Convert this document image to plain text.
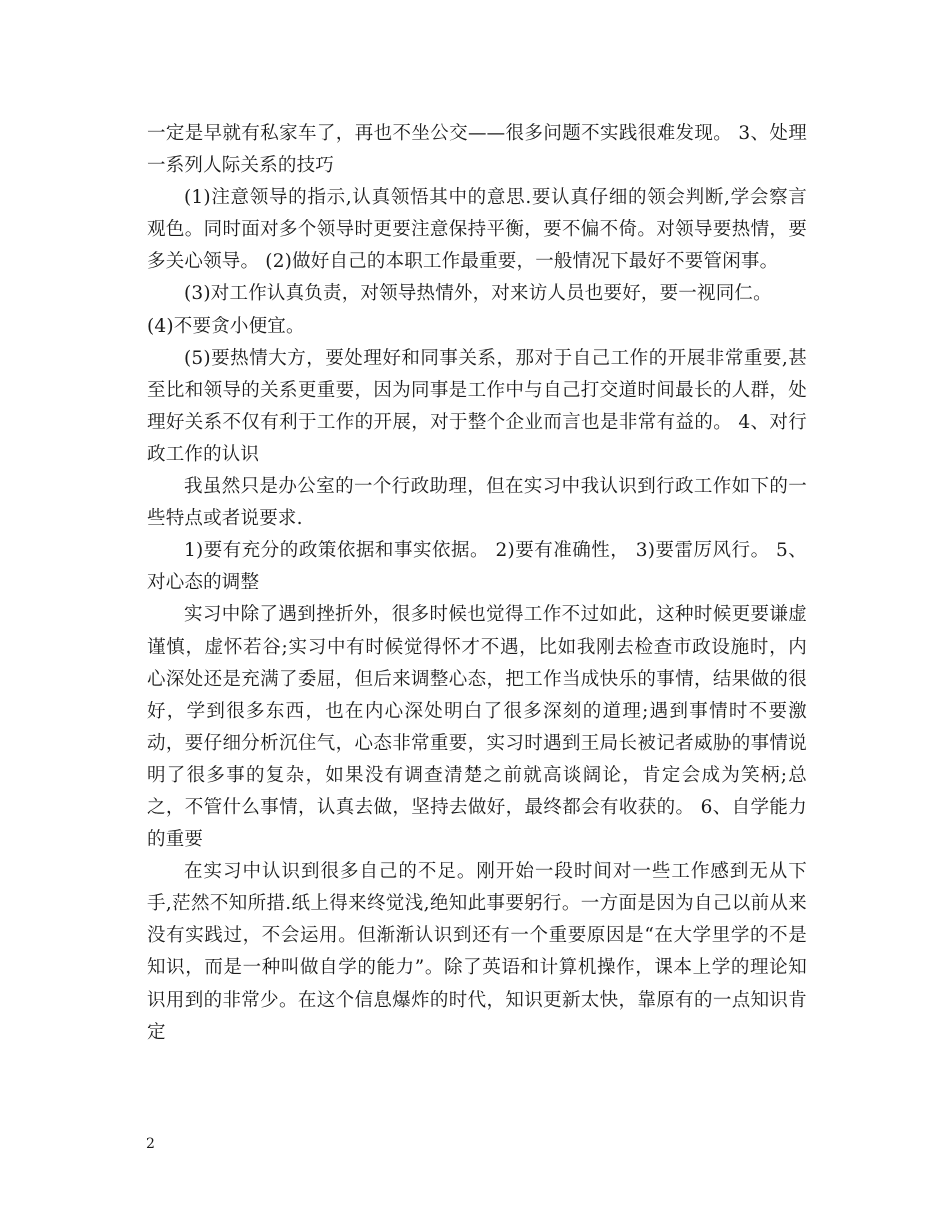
一定是早就有私家车了，再也不坐公交——很多问题不实践很难发现。 3、处理一系列人际关系的技巧

(1)注意领导的指示,认真领悟其中的意思.要认真仔细的领会判断,学会察言观色。同时面对多个领导时更要注意保持平衡，要不偏不倚。对领导要热情，要多关心领导。 (2)做好自己的本职工作最重要，一般情况下最好不要管闲事。

(3)对工作认真负责，对领导热情外，对来访人员也要好，要一视同仁。

(4)不要贪小便宜。

(5)要热情大方，要处理好和同事关系，那对于自己工作的开展非常重要,甚至比和领导的关系更重要，因为同事是工作中与自己打交道时间最长的人群，处理好关系不仅有利于工作的开展，对于整个企业而言也是非常有益的。 4、对行政工作的认识

我虽然只是办公室的一个行政助理，但在实习中我认识到行政工作如下的一些特点或者说要求.

1)要有充分的政策依据和事实依据。 2)要有准确性， 3)要雷厉风行。 5、对心态的调整

实习中除了遇到挫折外，很多时候也觉得工作不过如此，这种时候更要谦虚谨慎，虚怀若谷;实习中有时候觉得怀才不遇，比如我刚去检查市政设施时，内心深处还是充满了委屈，但后来调整心态，把工作当成快乐的事情，结果做的很好，学到很多东西，也在内心深处明白了很多深刻的道理;遇到事情时不要激动，要仔细分析沉住气，心态非常重要，实习时遇到王局长被记者威胁的事情说明了很多事的复杂，如果没有调查清楚之前就高谈阔论，肯定会成为笑柄;总之，不管什么事情，认真去做，坚持去做好，最终都会有收获的。 6、自学能力的重要

在实习中认识到很多自己的不足。刚开始一段时间对一些工作感到无从下手,茫然不知所措.纸上得来终觉浅,绝知此事要躬行。一方面是因为自己以前从来没有实践过，不会运用。但渐渐认识到还有一个重要原因是“在大学里学的不是知识，而是一种叫做自学的能力”。除了英语和计算机操作，课本上学的理论知识用到的非常少。在这个信息爆炸的时代，知识更新太快，靠原有的一点知识肯定

2
